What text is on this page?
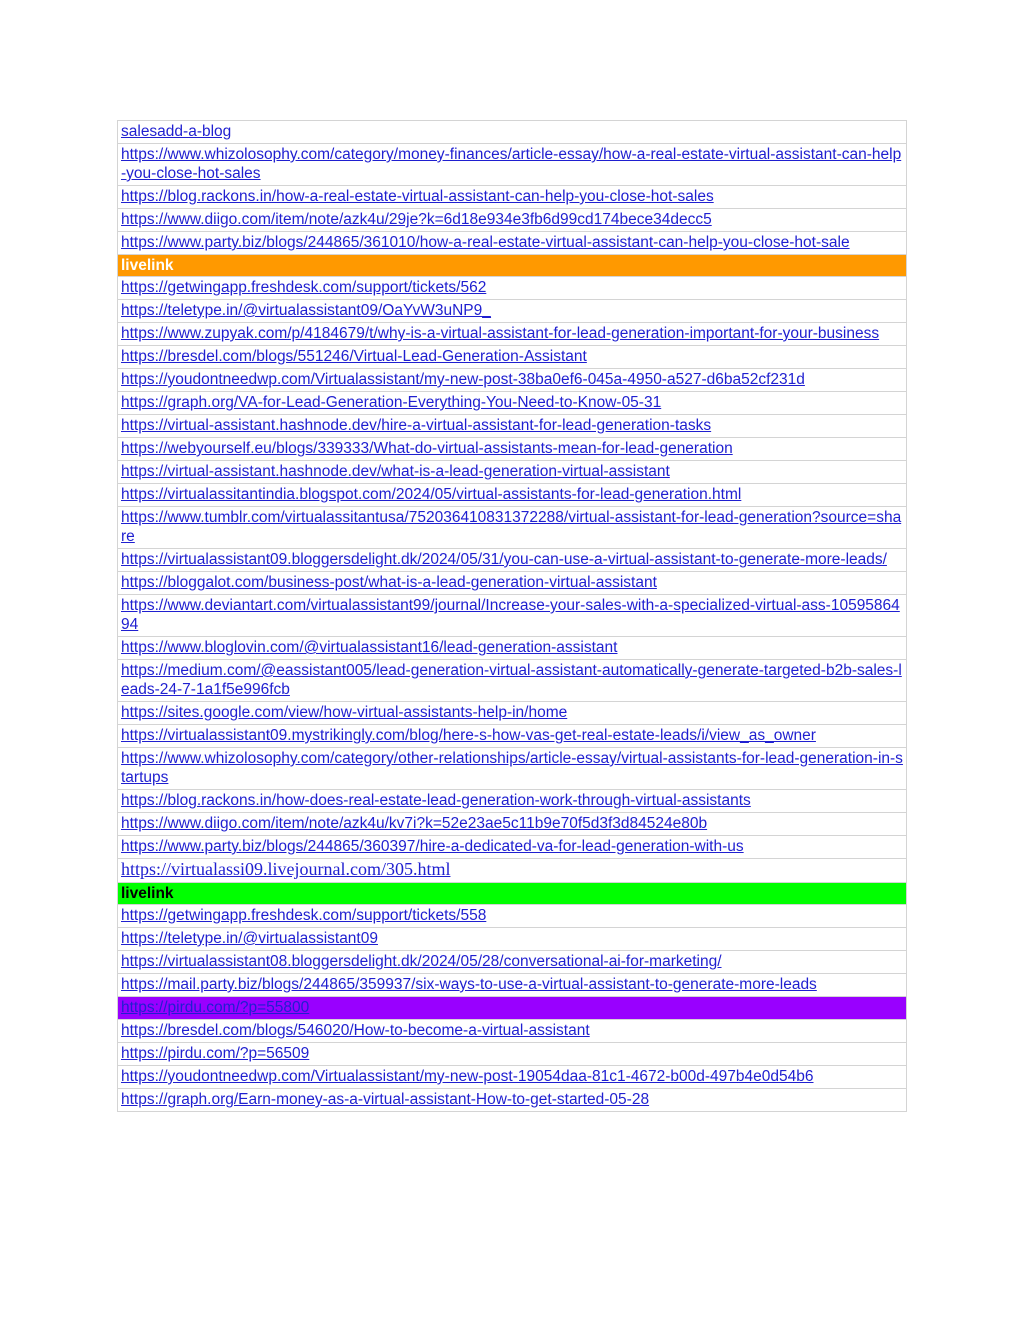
salesadd-a-blog
https://www.whizolosophy.com/category/money-finances/article-essay/how-a-real-estate-virtual-assistant-can-help-you-close-hot-sales
https://blog.rackons.in/how-a-real-estate-virtual-assistant-can-help-you-close-hot-sales
https://www.diigo.com/item/note/azk4u/29je?k=6d18e934e3fb6d99cd174bece34decc5
https://www.party.biz/blogs/244865/361010/how-a-real-estate-virtual-assistant-can-help-you-close-hot-sale
livelink
https://getwingapp.freshdesk.com/support/tickets/562
https://teletype.in/@virtualassistant09/OaYvW3uNP9_
https://www.zupyak.com/p/4184679/t/why-is-a-virtual-assistant-for-lead-generation-important-for-your-business
https://bresdel.com/blogs/551246/Virtual-Lead-Generation-Assistant
https://youdontneedwp.com/Virtualassistant/my-new-post-38ba0ef6-045a-4950-a527-d6ba52cf231d
https://graph.org/VA-for-Lead-Generation-Everything-You-Need-to-Know-05-31
https://virtual-assistant.hashnode.dev/hire-a-virtual-assistant-for-lead-generation-tasks
https://webyourself.eu/blogs/339333/What-do-virtual-assistants-mean-for-lead-generation
https://virtual-assistant.hashnode.dev/what-is-a-lead-generation-virtual-assistant
https://virtualassitantindia.blogspot.com/2024/05/virtual-assistants-for-lead-generation.html
https://www.tumblr.com/virtualassitantusa/752036410831372288/virtual-assistant-for-lead-generation?source=share
https://virtualassistant09.bloggersdelight.dk/2024/05/31/you-can-use-a-virtual-assistant-to-generate-more-leads/
https://bloggalot.com/business-post/what-is-a-lead-generation-virtual-assistant
https://www.deviantart.com/virtualassistant99/journal/Increase-your-sales-with-a-specialized-virtual-ass-1059586494
https://www.bloglovin.com/@virtualassistant16/lead-generation-assistant
https://medium.com/@eassistant005/lead-generation-virtual-assistant-automatically-generate-targeted-b2b-sales-leads-24-7-1a1f5e996fcb
https://sites.google.com/view/how-virtual-assistants-help-in/home
https://virtualassistant09.mystrikingly.com/blog/here-s-how-vas-get-real-estate-leads/i/view_as_owner
https://www.whizolosophy.com/category/other-relationships/article-essay/virtual-assistants-for-lead-generation-in-startups
https://blog.rackons.in/how-does-real-estate-lead-generation-work-through-virtual-assistants
https://www.diigo.com/item/note/azk4u/kv7i?k=52e23ae5c11b9e70f5d3f3d84524e80b
https://www.party.biz/blogs/244865/360397/hire-a-dedicated-va-for-lead-generation-with-us
https://virtualassi09.livejournal.com/305.html
livelink
https://getwingapp.freshdesk.com/support/tickets/558
https://teletype.in/@virtualassistant09
https://virtualassistant08.bloggersdelight.dk/2024/05/28/conversational-ai-for-marketing/
https://mail.party.biz/blogs/244865/359937/six-ways-to-use-a-virtual-assistant-to-generate-more-leads
https://pirdu.com/?p=55800
https://bresdel.com/blogs/546020/How-to-become-a-virtual-assistant
https://pirdu.com/?p=56509
https://youdontneedwp.com/Virtualassistant/my-new-post-19054daa-81c1-4672-b00d-497b4e0d54b6
https://graph.org/Earn-money-as-a-virtual-assistant-How-to-get-started-05-28
